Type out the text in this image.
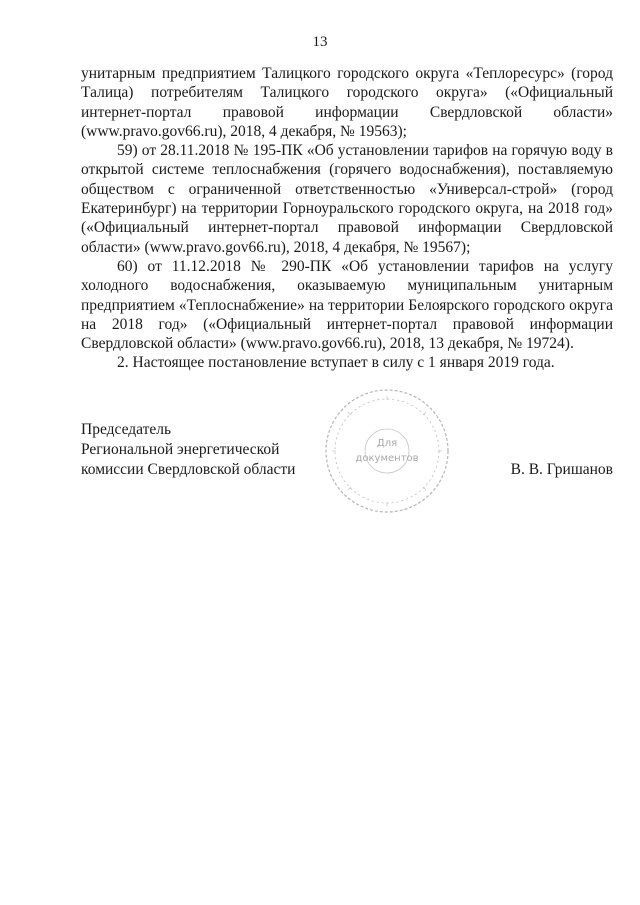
13

унитарным предприятием Талицкого городского округа «Теплоресурс» (город Талица) потребителям Талицкого городского округа» («Официальный интернет-портал правовой информации Свердловской области» (www.pravo.gov66.ru), 2018, 4 декабря, № 19563);

59) от 28.11.2018 № 195-ПК «Об установлении тарифов на горячую воду в открытой системе теплоснабжения (горячего водоснабжения), поставляемую обществом с ограниченной ответственностью «Универсал-строй» (город Екатеринбург) на территории Горноуральского городского округа, на 2018 год» («Официальный интернет-портал правовой информации Свердловской области» (www.pravo.gov66.ru), 2018, 4 декабря, № 19567);

60) от 11.12.2018 № 290-ПК «Об установлении тарифов на услугу холодного водоснабжения, оказываемую муниципальным унитарным предприятием «Теплоснабжение» на территории Белоярского городского округа на 2018 год» («Официальный интернет-портал правовой информации Свердловской области» (www.pravo.gov66.ru), 2018, 13 декабря, № 19724).

2. Настоящее постановление вступает в силу с 1 января 2019 года.

Председатель
Региональной энергетической
комиссии Свердловской области	В. В. Гришанов
Для
документов
